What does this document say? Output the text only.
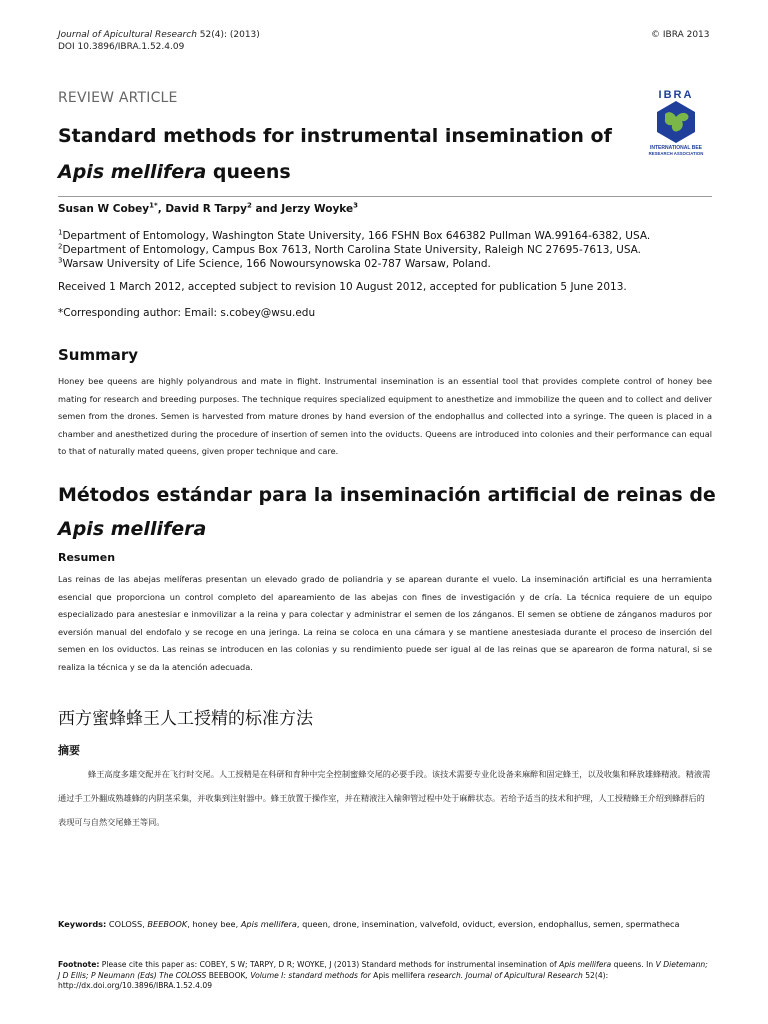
Journal of Apicultural Research 52(4): (2013)
DOI 10.3896/IBRA.1.52.4.09
© IBRA 2013
IBRA
INTERNATIONAL BEE
RESEARCH ASSOCIATION
REVIEW ARTICLE
Standard methods for instrumental insemination of
Apis mellifera queens
Susan W Cobey$^{1*}$, David R Tarpy$^2$ and Jerzy Woyke$^3$
$^1$Department of Entomology, Washington State University, 166 FSHN Box 646382 Pullman WA.99164-6382, USA.
$^2$Department of Entomology, Campus Box 7613, North Carolina State University, Raleigh NC 27695-7613, USA.
$^3$Warsaw University of Life Science, 166 Nowoursynowska 02-787 Warsaw, Poland.
Received 1 March 2012, accepted subject to revision 10 August 2012, accepted for publication 5 June 2013.
*Corresponding author: Email: s.cobey@wsu.edu
Summary
Honey bee queens are highly polyandrous and mate in flight. Instrumental insemination is an essential tool that provides complete control of honey bee mating for research and breeding purposes. The technique requires specialized equipment to anesthetize and immobilize the queen and to collect and deliver semen from the drones. Semen is harvested from mature drones by hand eversion of the endophallus and collected into a syringe. The queen is placed in a chamber and anesthetized during the procedure of insertion of semen into the oviducts. Queens are introduced into colonies and their performance can equal to that of naturally mated queens, given proper technique and care.
Métodos estándar para la inseminación artificial de reinas de
Apis mellifera
Resumen
Las reinas de las abejas melíferas presentan un elevado grado de poliandria y se aparean durante el vuelo. La inseminación artificial es una herramienta esencial que proporciona un control completo del apareamiento de las abejas con fines de investigación y de cría. La técnica requiere de un equipo especializado para anestesiar e inmovilizar a la reina y para colectar y administrar el semen de los zánganos. El semen se obtiene de zánganos maduros por eversión manual del endofalo y se recoge en una jeringa. La reina se coloca en una cámara y se mantiene anestesiada durante el proceso de inserción del semen en los oviductos. Las reinas se introducen en las colonias y su rendimiento puede ser igual al de las reinas que se aparearon de forma natural, si se realiza la técnica y se da la atención adecuada.
西方蜜蜂蜂王人工授精的标准方法
摘要
蜂王高度多雄交配并在飞行时交尾。人工授精是在科研和育种中完全控制蜜蜂交尾的必要手段。该技术需要专业化设备来麻醉和固定蜂王，以及收集和释放雄蜂精液。精液需通过手工外翻成熟雄蜂的内阴茎采集，并收集到注射器中。蜂王放置于操作室，并在精液注入输卵管过程中处于麻醉状态。若给予适当的技术和护理，人工授精蜂王介绍到蜂群后的表现可与自然交尾蜂王等同。
Keywords: COLOSS, BEEBOOK, honey bee, Apis mellifera, queen, drone, insemination, valvefold, oviduct, eversion, endophallus, semen, spermatheca
Footnote: Please cite this paper as: COBEY, S W; TARPY, D R; WOYKE, J (2013) Standard methods for instrumental insemination of Apis mellifera queens. In V Dietemann; J D Ellis; P Neumann (Eds) The COLOSS BEEBOOK, Volume I: standard methods for Apis mellifera research. Journal of Apicultural Research 52(4): http://dx.doi.org/10.3896/IBRA.1.52.4.09
